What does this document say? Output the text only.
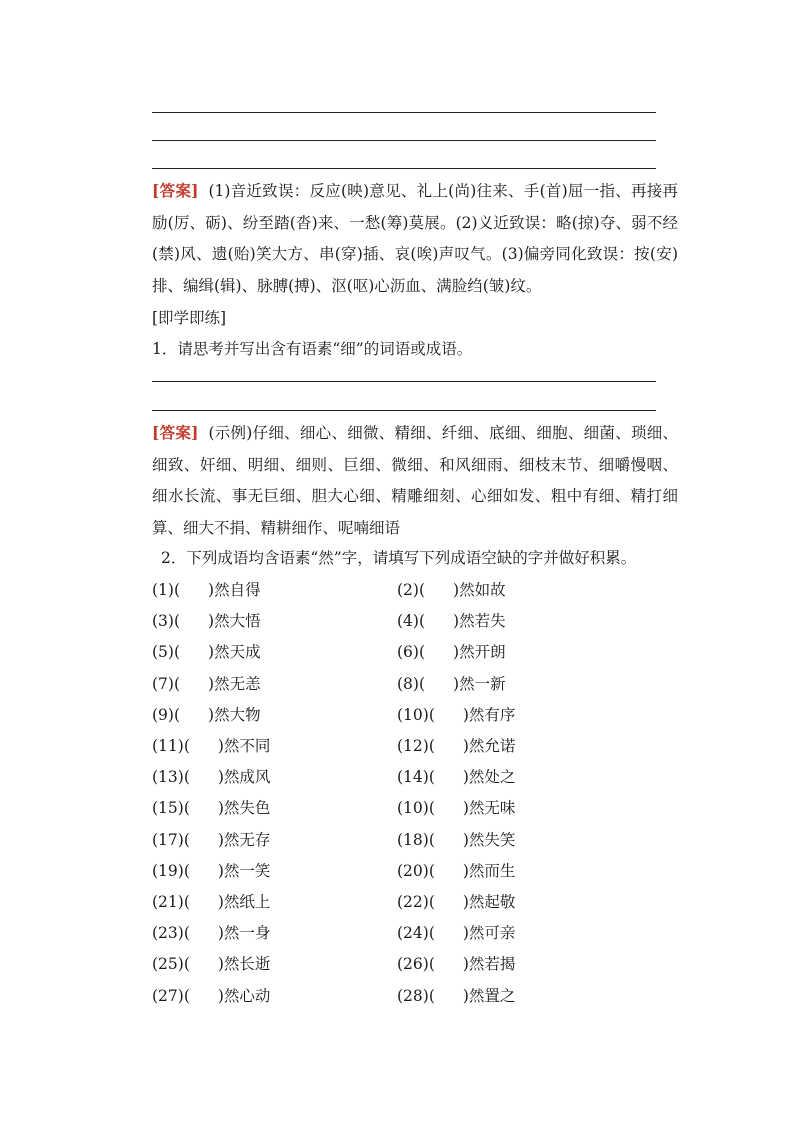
[答案] (1)音近致误：反应(映)意见、礼上(尚)往来、手(首)屈一指、再接再励(厉、砺)、纷至踏(沓)来、一愁(筹)莫展。(2)义近致误：略(掠)夺、弱不经(禁)风、遗(贻)笑大方、串(穿)插、哀(唉)声叹气。(3)偏旁同化致误：按(安)排、编缉(辑)、脉膊(搏)、沤(呕)心沥血、满脸绉(皱)纹。

[即学即练]
1．请思考并写出含有语素“细”的词语或成语。

[答案] (示例)仔细、细心、细微、精细、纤细、底细、细胞、细菌、琐细、细致、奸细、明细、细则、巨细、微细、和风细雨、细枝末节、细嚼慢咽、细水长流、事无巨细、胆大心细、精雕细刻、心细如发、粗中有细、精打细算、细大不捐、精耕细作、呢喃细语

2．下列成语均含语素“然”字，请填写下列成语空缺的字并做好积累。
(1)( )然自得	(2)( )然如故
(3)( )然大悟	(4)( )然若失
(5)( )然天成	(6)( )然开朗
(7)( )然无恙	(8)( )然一新
(9)( )然大物	(10)( )然有序
(11)( )然不同	(12)( )然允诺
(13)( )然成风	(14)( )然处之
(15)( )然失色	(10)( )然无味
(17)( )然无存	(18)( )然失笑
(19)( )然一笑	(20)( )然而生
(21)( )然纸上	(22)( )然起敬
(23)( )然一身	(24)( )然可亲
(25)( )然长逝	(26)( )然若揭
(27)( )然心动	(28)( )然置之
